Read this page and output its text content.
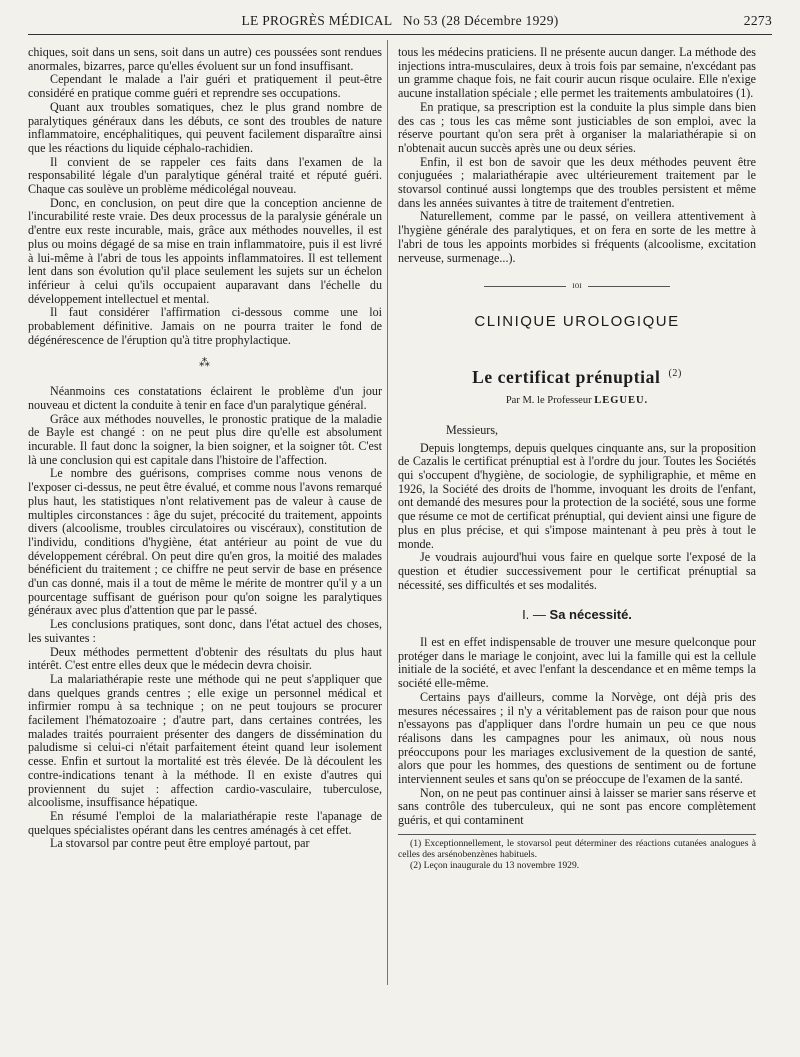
LE PROGRÈS MÉDICAL No 53 (28 Décembre 1929)	2273

chiques, soit dans un sens, soit dans un autre) ces poussées sont rendues anormales, bizarres, parce qu'elles évoluent sur un fond insuffisant.

Cependant le malade a l'air guéri et pratiquement il peut-être considéré en pratique comme guéri et reprendre ses occupations.

Quant aux troubles somatiques, chez le plus grand nombre de paralytiques généraux dans les débuts, ce sont des troubles de nature inflammatoire, encéphalitiques, qui peuvent facilement disparaître ainsi que les réactions du liquide céphalo-rachidien.

Il convient de se rappeler ces faits dans l'examen de la responsabilité légale d'un paralytique général traité et réputé guéri. Chaque cas soulève un problème médicolégal nouveau.

Donc, en conclusion, on peut dire que la conception ancienne de l'incurabilité reste vraie. Des deux processus de la paralysie générale un d'entre eux reste incurable, mais, grâce aux méthodes nouvelles, il est plus ou moins dégagé de sa mise en train inflammatoire, puis il est livré à lui-même à l'abri de tous les appoints inflammatoires. Il est tellement lent dans son évolution qu'il place seulement les sujets sur un échelon inférieur à celui qu'ils occupaient auparavant dans l'échelle du développement intellectuel et mental.

Il faut considérer l'affirmation ci-dessous comme une loi probablement définitive. Jamais on ne pourra traiter le fond de dégénérescence de l'éruption qu'à titre prophylactique.

⁂

Néanmoins ces constatations éclairent le problème d'un jour nouveau et dictent la conduite à tenir en face d'un paralytique général.

Grâce aux méthodes nouvelles, le pronostic pratique de la maladie de Bayle est changé : on ne peut plus dire qu'elle est absolument incurable. Il faut donc la soigner, la bien soigner, et la soigner tôt. C'est là une conclusion qui est capitale dans l'histoire de l'affection.

Le nombre des guérisons, comprises comme nous venons de l'exposer ci-dessus, ne peut être évalué, et comme nous l'avons remarqué plus haut, les statistiques n'ont relativement pas de valeur à cause de multiples circonstances : âge du sujet, précocité du traitement, appoints divers (alcoolisme, troubles circulatoires ou viscéraux), constitution de l'individu, conditions d'hygiène, état antérieur au point de vue du développement cérébral. On peut dire qu'en gros, la moitié des malades bénéficient du traitement ; ce chiffre ne peut servir de base en présence d'un cas donné, mais il a tout de même le mérite de montrer qu'il y a un pourcentage suffisant de guérison pour qu'on soigne les paralytiques généraux avec plus d'attention que par le passé.

Les conclusions pratiques, sont donc, dans l'état actuel des choses, les suivantes :

Deux méthodes permettent d'obtenir des résultats du plus haut intérêt. C'est entre elles deux que le médecin devra choisir.

La malariathérapie reste une méthode qui ne peut s'appliquer que dans quelques grands centres ; elle exige un personnel médical et infirmier rompu à sa technique ; on ne peut toujours se procurer facilement l'hématozoaire ; d'autre part, dans certaines contrées, les malades traités pourraient présenter des dangers de dissémination du paludisme si celui-ci n'était parfaitement éteint quand leur isolement cesse. Enfin et surtout la mortalité est très élevée. De là découlent les contre-indications tenant à la méthode. Il en existe d'autres qui proviennent du sujet : affection cardio-vasculaire, tuberculose, alcoolisme, insuffisance hépatique.

En résumé l'emploi de la malariathérapie reste l'apanage de quelques spécialistes opérant dans les centres aménagés à cet effet.

La stovarsol par contre peut être employé partout, par

tous les médecins praticiens. Il ne présente aucun danger. La méthode des injections intra-musculaires, deux à trois fois par semaine, n'excédant pas un gramme chaque fois, ne fait courir aucun risque oculaire. Elle n'exige aucune installation spéciale ; elle permet les traitements ambulatoires (1).

En pratique, sa prescription est la conduite la plus simple dans bien des cas ; tous les cas même sont justiciables de son emploi, avec la réserve pourtant qu'on sera prêt à organiser la malariathérapie si on n'obtenait aucun succès après une ou deux séries.

Enfin, il est bon de savoir que les deux méthodes peuvent être conjuguées ; malariathérapie avec ultérieurement traitement par le stovarsol continué aussi longtemps que des troubles persistent et même dans les années suivantes à titre de traitement d'entretien.

Naturellement, comme par le passé, on veillera attentivement à l'hygiène générale des paralytiques, et on fera en sorte de les mettre à l'abri de tous les appoints morbides si fréquents (alcoolisme, excitation nerveuse, surmenage...).

ɪᴏɪ
CLINIQUE UROLOGIQUE
Le certificat prénuptial $^{(2)}$
Par M. le Professeur LEGUEU.

Messieurs,

Depuis longtemps, depuis quelques cinquante ans, sur la proposition de Cazalis le certificat prénuptial est à l'ordre du jour. Toutes les Sociétés qui s'occupent d'hygiène, de sociologie, de syphiligraphie, et même en 1926, la Société des droits de l'homme, invoquant les droits de l'enfant, ont demandé des mesures pour la protection de la société, sous une forme que résume ce mot de certificat prénuptial, qui devient ainsi une figure de plus en plus précise, et qui s'impose maintenant à peu près à tout le monde.

Je voudrais aujourd'hui vous faire en quelque sorte l'exposé de la question et étudier successivement pour le certificat prénuptial sa nécessité, ses difficultés et ses modalités.

I. — Sa nécessité.

Il est en effet indispensable de trouver une mesure quelconque pour protéger dans le mariage le conjoint, avec lui la famille qui est la cellule initiale de la société, et avec l'enfant la descendance et en même temps la société elle-même.

Certains pays d'ailleurs, comme la Norvège, ont déjà pris des mesures nécessaires ; il n'y a véritablement pas de raison pour que nous n'essayons pas d'appliquer dans l'ordre humain un peu ce que nous réalisons dans les campagnes pour les animaux, où nous nous préoccupons pour les mariages exclusivement de la question de santé, alors que pour les hommes, des questions de sentiment ou de fortune interviennent seules et sans qu'on se préoccupe de l'examen de la santé.

Non, on ne peut pas continuer ainsi à laisser se marier sans réserve et sans contrôle des tuberculeux, qui ne sont pas encore complètement guéris, et qui contaminent

(1) Exceptionnellement, le stovarsol peut déterminer des réactions cutanées analogues à celles des arsénobenzènes habituels.
(2) Leçon inaugurale du 13 novembre 1929.
